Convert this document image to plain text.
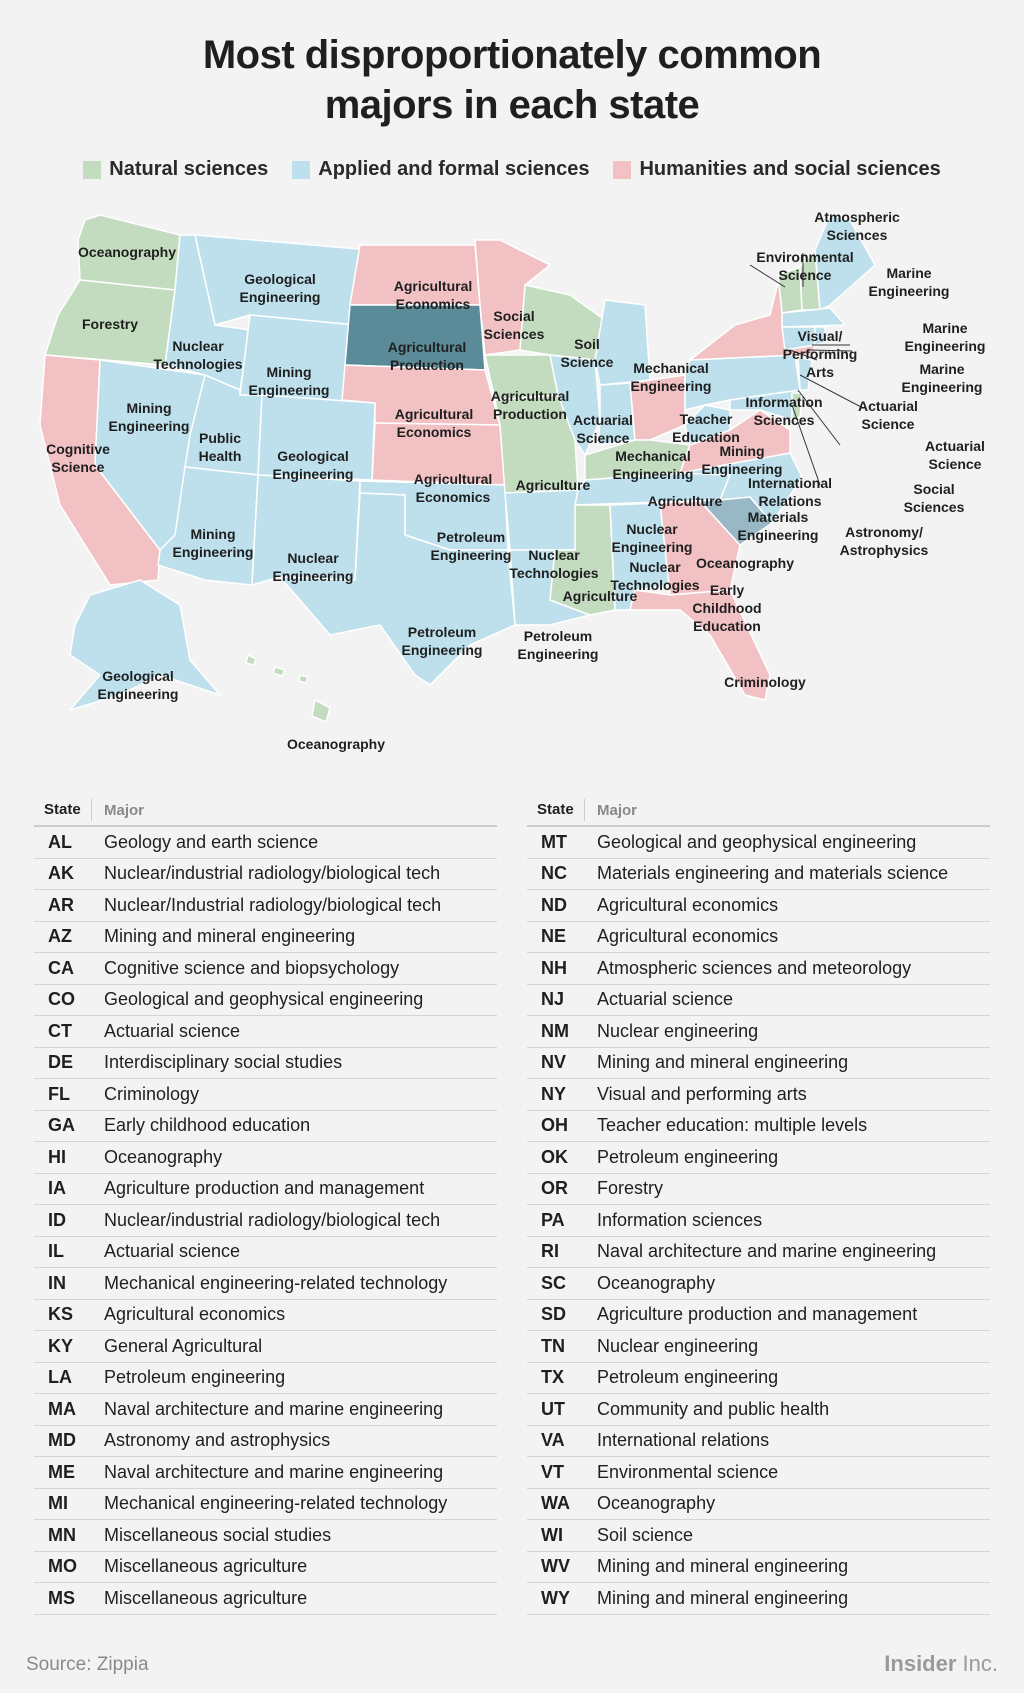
Most disproportionately common
majors in each state
Natural sciences	Applied and formal sciences	Humanities and social sciences
Oceanography
Forestry
Cognitive Science
Nuclear Technologies
Mining Engineering
Public Health
Mining Engineering
Geological Engineering
Mining Engineering
Geological Engineering
Nuclear Engineering
Agricultural Economics
Agricultural Production
Agricultural Economics
Agricultural Economics
Petroleum Engineering
Petroleum Engineering
Social Sciences
Agricultural Production
Agriculture
Nuclear Technologies
Petroleum Engineering
Soil Science
Actuarial Science
Mechanical Engineering
Mechanical Engineering
Teacher Education
Agriculture
Nuclear Engineering
Agriculture
Nuclear Technologies Early Childhood Education
Criminology
Oceanography
Materials Engineering
International Relations
Mining Engineering
Information Sciences
Visual/ Performing Arts
Environmental Science
Atmospheric Sciences
Marine Engineering
Marine Engineering
Marine Engineering
Actuarial Science
Actuarial Science
Social Sciences
Astronomy/ Astrophysics
Geological Engineering
Oceanography
State	Major
AL	Geology and earth science
AK	Nuclear/industrial radiology/biological tech
AR	Nuclear/Industrial radiology/biological tech
AZ	Mining and mineral engineering
CA	Cognitive science and biopsychology
CO	Geological and geophysical engineering
CT	Actuarial science
DE	Interdisciplinary social studies
FL	Criminology
GA	Early childhood education
HI	Oceanography
IA	Agriculture production and management
ID	Nuclear/industrial radiology/biological tech
IL	Actuarial science
IN	Mechanical engineering-related technology
KS	Agricultural economics
KY	General Agricultural
LA	Petroleum engineering
MA	Naval architecture and marine engineering
MD	Astronomy and astrophysics
ME	Naval architecture and marine engineering
MI	Mechanical engineering-related technology
MN	Miscellaneous social studies
MO	Miscellaneous agriculture
MS	Miscellaneous agriculture
State	Major
MT	Geological and geophysical engineering
NC	Materials engineering and materials science
ND	Agricultural economics
NE	Agricultural economics
NH	Atmospheric sciences and meteorology
NJ	Actuarial science
NM	Nuclear engineering
NV	Mining and mineral engineering
NY	Visual and performing arts
OH	Teacher education: multiple levels
OK	Petroleum engineering
OR	Forestry
PA	Information sciences
RI	Naval architecture and marine engineering
SC	Oceanography
SD	Agriculture production and management
TN	Nuclear engineering
TX	Petroleum engineering
UT	Community and public health
VA	International relations
VT	Environmental science
WA	Oceanography
WI	Soil science
WV	Mining and mineral engineering
WY	Mining and mineral engineering
Source: Zippia	Insider Inc.
